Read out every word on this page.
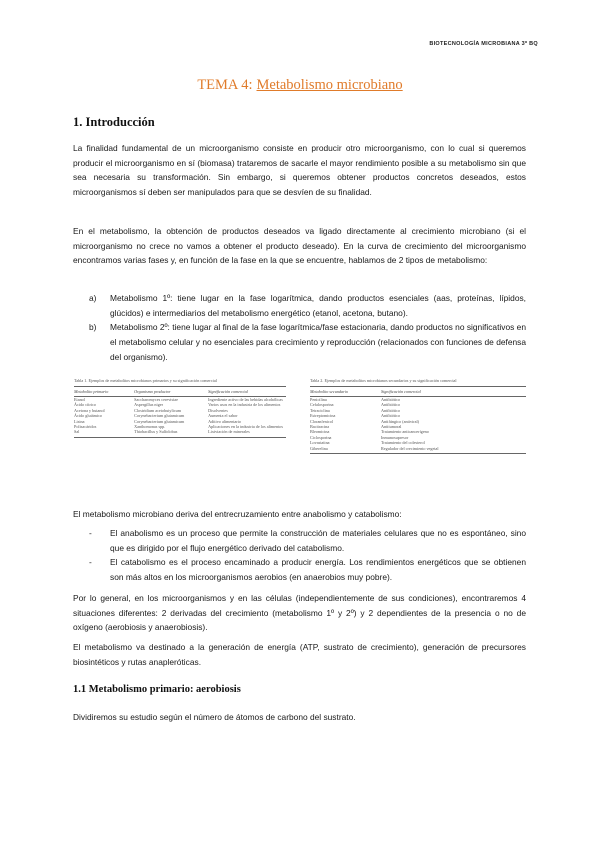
BIOTECNOLOGÍA MICROBIANA 3º BQ
TEMA 4: Metabolismo microbiano
1. Introducción
La finalidad fundamental de un microorganismo consiste en producir otro microorganismo, con lo cual si queremos producir el microorganismo en sí (biomasa) trataremos de sacarle el mayor rendimiento posible a su metabolismo sin que sea necesaria su transformación. Sin embargo, si queremos obtener productos concretos deseados, estos microorganismos sí deben ser manipulados para que se desvíen de su finalidad.
En el metabolismo, la obtención de productos deseados va ligado directamente al crecimiento microbiano (si el microorganismo no crece no vamos a obtener el producto deseado). En la curva de crecimiento del microorganismo encontramos varias fases y, en función de la fase en la que se encuentre, hablamos de 2 tipos de metabolismo:
a) Metabolismo 1º: tiene lugar en la fase logarítmica, dando productos esenciales (aas, proteínas, lípidos, glúcidos) e intermediarios del metabolismo energético (etanol, acetona, butano).
b) Metabolismo 2º: tiene lugar al final de la fase logarítmica/fase estacionaria, dando productos no significativos en el metabolismo celular y no esenciales para crecimiento y reproducción (relacionados con funciones de defensa del organismo).
Tabla 1. Ejemplos de metabolitos microbianos primarios y su significación comercial
Metabolito primario	Organismo productor	Significación comercial
Etanol	Saccharomyces cerevisiae	Ingrediente activo de las bebidas alcohólicas
Ácido cítrico	Aspergillus niger	Varios usos en la industria de los alimentos
Acetona y butanol	Clostridium acetobutylicum	Disolventes
Ácido glutámico	Corynebacterium glutamicum	Aumenta el sabor
Lisina	Corynebacterium glutamicum	Aditivo alimentario
Polisacáridos	Xanthomonas spp.	Aplicaciones en la industria de los alimentos
Sal	Thiobacillus y Sulfolobus	Lixiviación de minerales
Tabla 2. Ejemplos de metabolitos microbianos secundarios y su significación comercial
Metabolito secundario	Significación comercial
Penicilina	Antibiótico
Cefalosporina	Antibiótico
Tetraciclina	Antibiótico
Estreptomicina	Antibiótico
Cloranfenicol	Antifúngico (antiviral)
Bacitracina	Antitumoral
Bleomicina	Tratamiento anticancerígeno
Ciclosporina	Inmunosupresor
Lovastatina	Tratamiento del colesterol
Giberelina	Regulador del crecimiento vegetal
El metabolismo microbiano deriva del entrecruzamiento entre anabolismo y catabolismo:
- El anabolismo es un proceso que permite la construcción de materiales celulares que no es espontáneo, sino que es dirigido por el flujo energético derivado del catabolismo.
- El catabolismo es el proceso encaminado a producir energía. Los rendimientos energéticos que se obtienen son más altos en los microorganismos aerobios (en anaerobios muy pobre).
Por lo general, en los microorganismos y en las células (independientemente de sus condiciones), encontraremos 4 situaciones diferentes: 2 derivadas del crecimiento (metabolismo 1º y 2º) y 2 dependientes de la presencia o no de oxígeno (aerobiosis y anaerobiosis).
El metabolismo va destinado a la generación de energía (ATP, sustrato de crecimiento), generación de precursores biosintéticos y rutas anapleróticas.
1.1 Metabolismo primario: aerobiosis
Dividiremos su estudio según el número de átomos de carbono del sustrato.
